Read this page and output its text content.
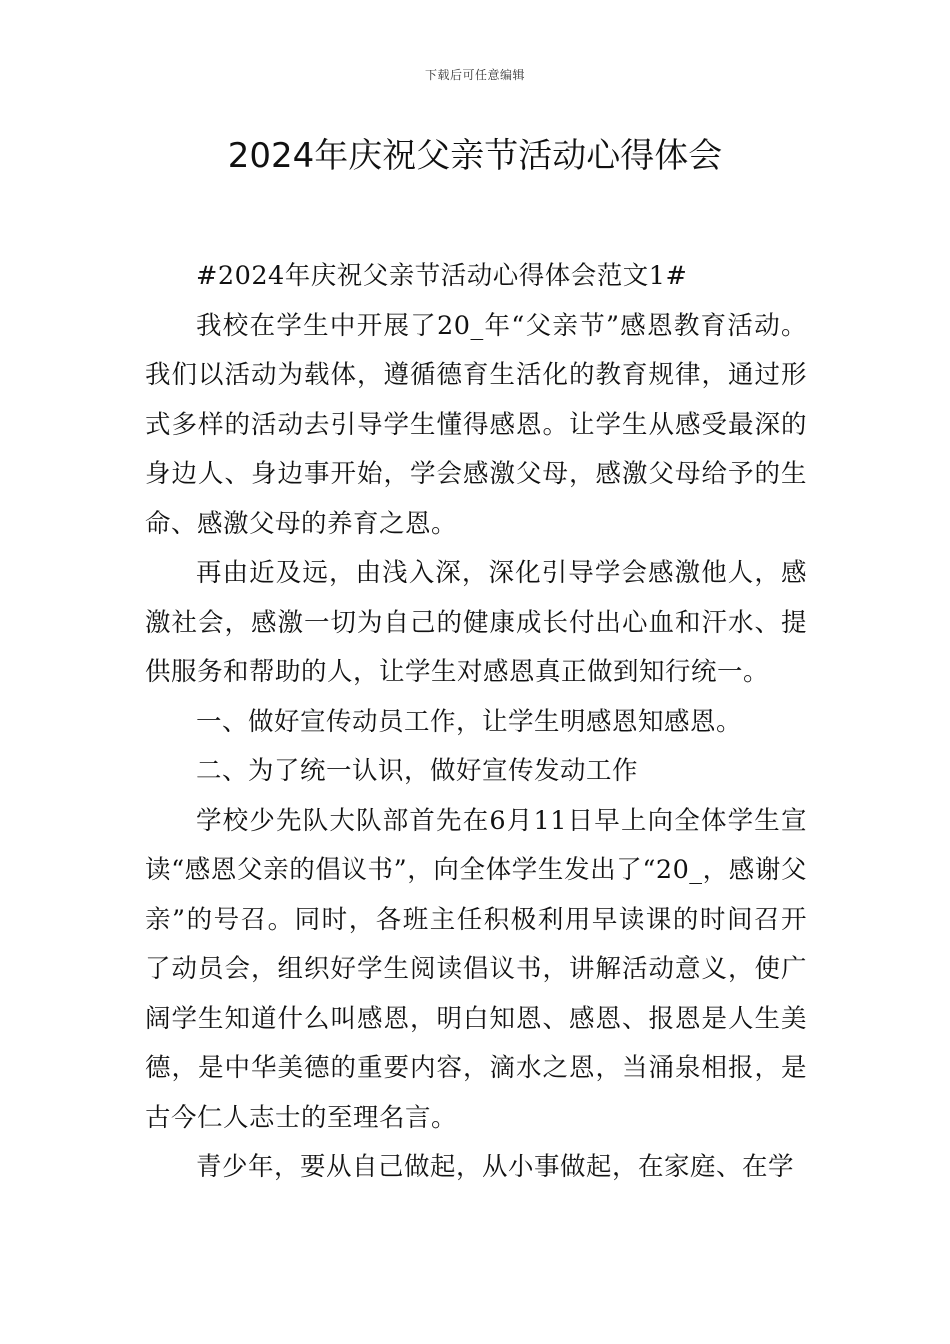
下载后可任意编辑
2024年庆祝父亲节活动心得体会

#2024年庆祝父亲节活动心得体会范文1#

我校在学生中开展了20_年“父亲节”感恩教育活动。我们以活动为载体，遵循德育生活化的教育规律，通过形式多样的活动去引导学生懂得感恩。让学生从感受最深的身边人、身边事开始，学会感激父母，感激父母给予的生命、感激父母的养育之恩。

再由近及远，由浅入深，深化引导学会感激他人，感激社会，感激一切为自己的健康成长付出心血和汗水、提供服务和帮助的人，让学生对感恩真正做到知行统一。

一、做好宣传动员工作，让学生明感恩知感恩。

二、为了统一认识，做好宣传发动工作

学校少先队大队部首先在6月11日早上向全体学生宣读“感恩父亲的倡议书”，向全体学生发出了“20_，感谢父亲”的号召。同时，各班主任积极利用早读课的时间召开了动员会，组织好学生阅读倡议书，讲解活动意义，使广阔学生知道什么叫感恩，明白知恩、感恩、报恩是人生美德，是中华美德的重要内容，滴水之恩，当涌泉相报，是古今仁人志士的至理名言。

青少年，要从自己做起，从小事做起，在家庭、在学
